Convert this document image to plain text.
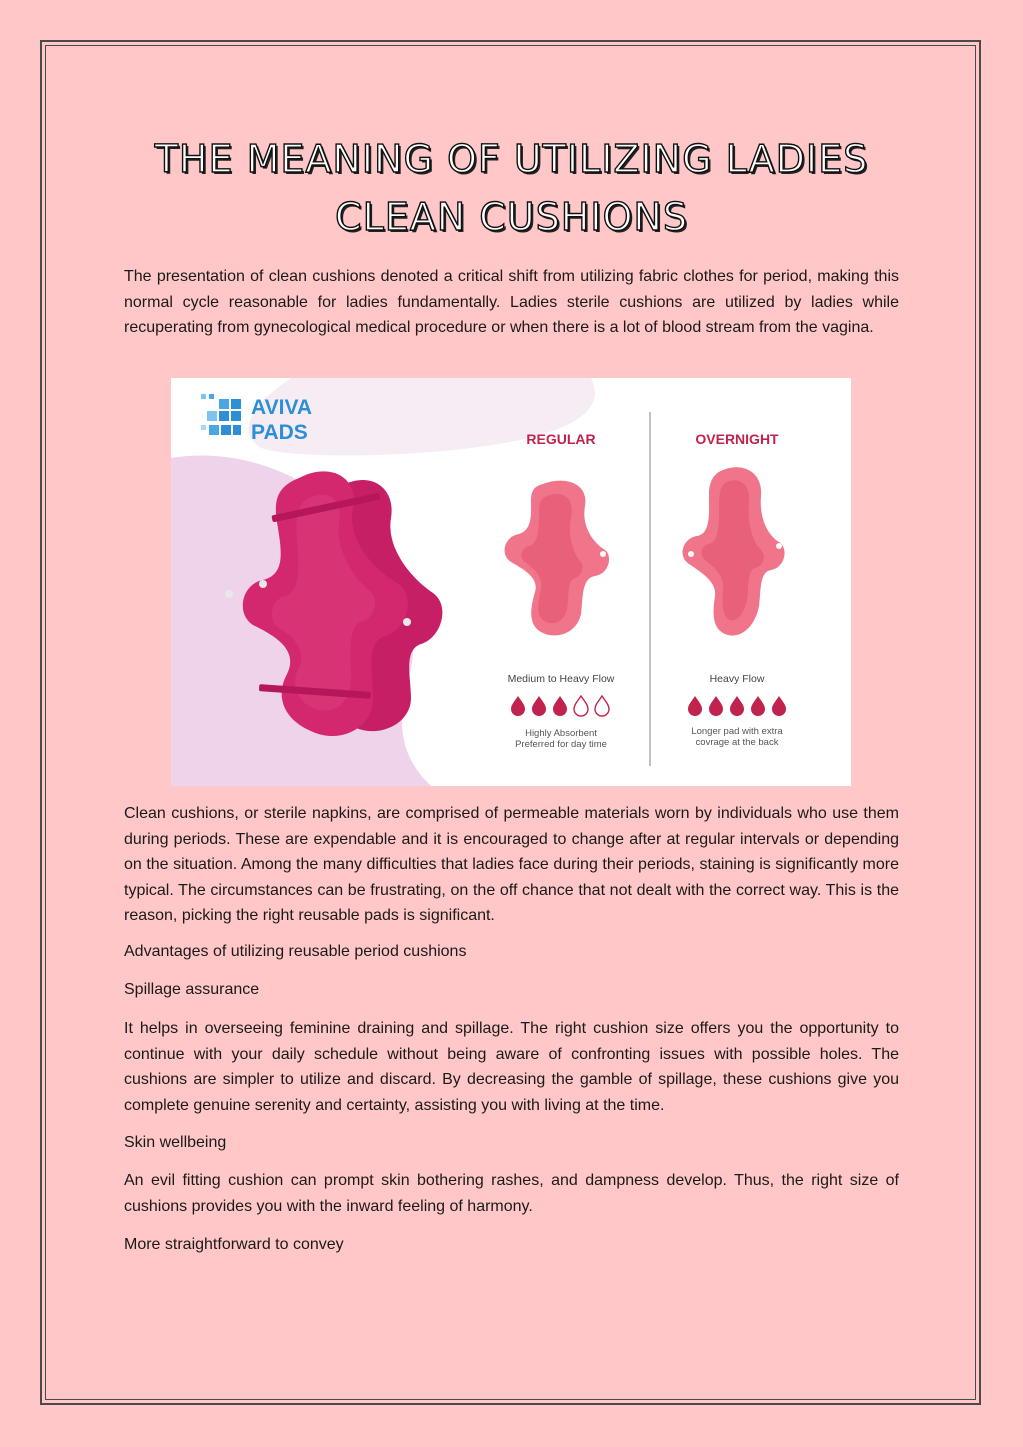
THE MEANING OF UTILIZING LADIES CLEAN CUSHIONS

The presentation of clean cushions denoted a critical shift from utilizing fabric clothes for period, making this normal cycle reasonable for ladies fundamentally. Ladies sterile cushions are utilized by ladies while recuperating from gynecological medical procedure or when there is a lot of blood stream from the vagina.

AVIVA
PADS	REGULAR
Medium to Heavy Flow
Highly Absorbent
Preferred for day time
OVERNIGHT
Heavy Flow
Longer pad with extra
covrage at the back

Clean cushions, or sterile napkins, are comprised of permeable materials worn by individuals who use them during periods. These are expendable and it is encouraged to change after at regular intervals or depending on the situation. Among the many difficulties that ladies face during their periods, staining is significantly more typical. The circumstances can be frustrating, on the off chance that not dealt with the correct way. This is the reason, picking the right reusable pads is significant.

Advantages of utilizing reusable period cushions

Spillage assurance

It helps in overseeing feminine draining and spillage. The right cushion size offers you the opportunity to continue with your daily schedule without being aware of confronting issues with possible holes. The cushions are simpler to utilize and discard. By decreasing the gamble of spillage, these cushions give you complete genuine serenity and certainty, assisting you with living at the time.

Skin wellbeing

An evil fitting cushion can prompt skin bothering rashes, and dampness develop. Thus, the right size of cushions provides you with the inward feeling of harmony.

More straightforward to convey
